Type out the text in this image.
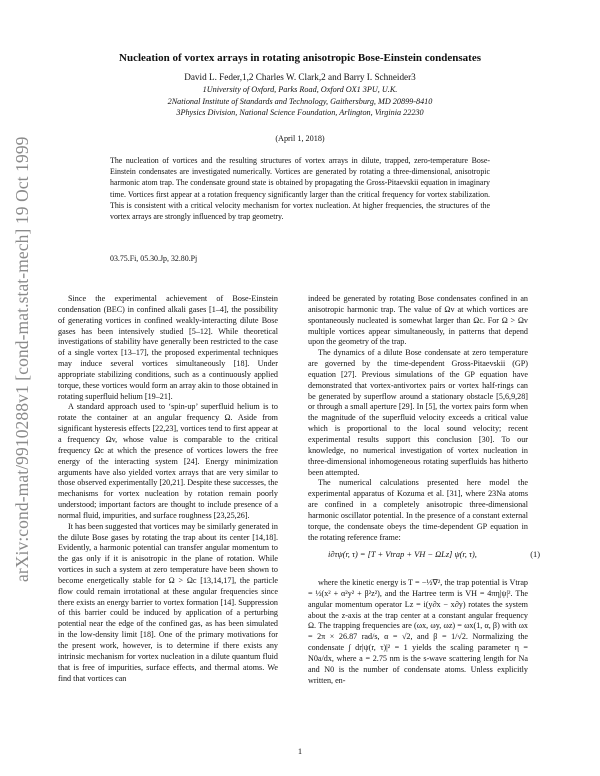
arXiv:cond-mat/9910288v1 [cond-mat.stat-mech] 19 Oct 1999
Nucleation of vortex arrays in rotating anisotropic Bose-Einstein condensates
David L. Feder,1,2 Charles W. Clark,2 and Barry I. Schneider3
1University of Oxford, Parks Road, Oxford OX1 3PU, U.K.
2National Institute of Standards and Technology, Gaithersburg, MD 20899-8410
3Physics Division, National Science Foundation, Arlington, Virginia 22230
(April 1, 2018)
The nucleation of vortices and the resulting structures of vortex arrays in dilute, trapped, zero-temperature Bose-Einstein condensates are investigated numerically. Vortices are generated by rotating a three-dimensional, anisotropic harmonic atom trap. The condensate ground state is obtained by propagating the Gross-Pitaevskii equation in imaginary time. Vortices first appear at a rotation frequency significantly larger than the critical frequency for vortex stabilization. This is consistent with a critical velocity mechanism for vortex nucleation. At higher frequencies, the structures of the vortex arrays are strongly influenced by trap geometry.
03.75.Fi, 05.30.Jp, 32.80.Pj

Since the experimental achievement of Bose-Einstein condensation (BEC) in confined alkali gases [1–4], the possibility of generating vortices in confined weakly-interacting dilute Bose gases has been intensively studied [5–12]. While theoretical investigations of stability have generally been restricted to the case of a single vortex [13–17], the proposed experimental techniques may induce several vortices simultaneously [18]. Under appropriate stabilizing conditions, such as a continuously applied torque, these vortices would form an array akin to those obtained in rotating superfluid helium [19–21].

A standard approach used to ‘spin-up’ superfluid helium is to rotate the container at an angular frequency Ω. Aside from significant hysteresis effects [22,23], vortices tend to first appear at a frequency Ωv, whose value is comparable to the critical frequency Ωc at which the presence of vortices lowers the free energy of the interacting system [24]. Energy minimization arguments have also yielded vortex arrays that are very similar to those observed experimentally [20,21]. Despite these successes, the mechanisms for vortex nucleation by rotation remain poorly understood; important factors are thought to include presence of a normal fluid, impurities, and surface roughness [23,25,26].

It has been suggested that vortices may be similarly generated in the dilute Bose gases by rotating the trap about its center [14,18]. Evidently, a harmonic potential can transfer angular momentum to the gas only if it is anisotropic in the plane of rotation. While vortices in such a system at zero temperature have been shown to become energetically stable for Ω > Ωc [13,14,17], the particle flow could remain irrotational at these angular frequencies since there exists an energy barrier to vortex formation [14]. Suppression of this barrier could be induced by application of a perturbing potential near the edge of the confined gas, as has been simulated in the low-density limit [18]. One of the primary motivations for the present work, however, is to determine if there exists any intrinsic mechanism for vortex nucleation in a dilute quantum fluid that is free of impurities, surface effects, and thermal atoms. We find that vortices can

indeed be generated by rotating Bose condensates confined in an anisotropic harmonic trap. The value of Ωv at which vortices are spontaneously nucleated is somewhat larger than Ωc. For Ω > Ωv multiple vortices appear simultaneously, in patterns that depend upon the geometry of the trap.

The dynamics of a dilute Bose condensate at zero temperature are governed by the time-dependent Gross-Pitaevskii (GP) equation [27]. Previous simulations of the GP equation have demonstrated that vortex-antivortex pairs or vortex half-rings can be generated by superflow around a stationary obstacle [5,6,9,28] or through a small aperture [29]. In [5], the vortex pairs form when the magnitude of the superfluid velocity exceeds a critical value which is proportional to the local sound velocity; recent experimental results support this conclusion [30]. To our knowledge, no numerical investigation of vortex nucleation in three-dimensional inhomogeneous rotating superfluids has hitherto been attempted.

The numerical calculations presented here model the experimental apparatus of Kozuma et al. [31], where 23Na atoms are confined in a completely anisotropic three-dimensional harmonic oscillator potential. In the presence of a constant external torque, the condensate obeys the time-dependent GP equation in the rotating reference frame:

i∂τψ(r, τ) = [T + Vtrap + VH − ΩLz] ψ(r, τ),	(1)

where the kinetic energy is T = −½∇², the trap potential is Vtrap = ½(x² + α²y² + β²z²), and the Hartree term is VH = 4πη|ψ|². The angular momentum operator Lz = i(y∂x − x∂y) rotates the system about the z-axis at the trap center at a constant angular frequency Ω. The trapping frequencies are (ωx, ωy, ωz) = ωx(1, α, β) with ωx = 2π × 26.87 rad/s, α = √2, and β = 1/√2. Normalizing the condensate ∫ dr|ψ(r, τ)|² = 1 yields the scaling parameter η = N0a/dx, where a = 2.75 nm is the s-wave scattering length for Na and N0 is the number of condensate atoms. Unless explicitly written, en-

1
